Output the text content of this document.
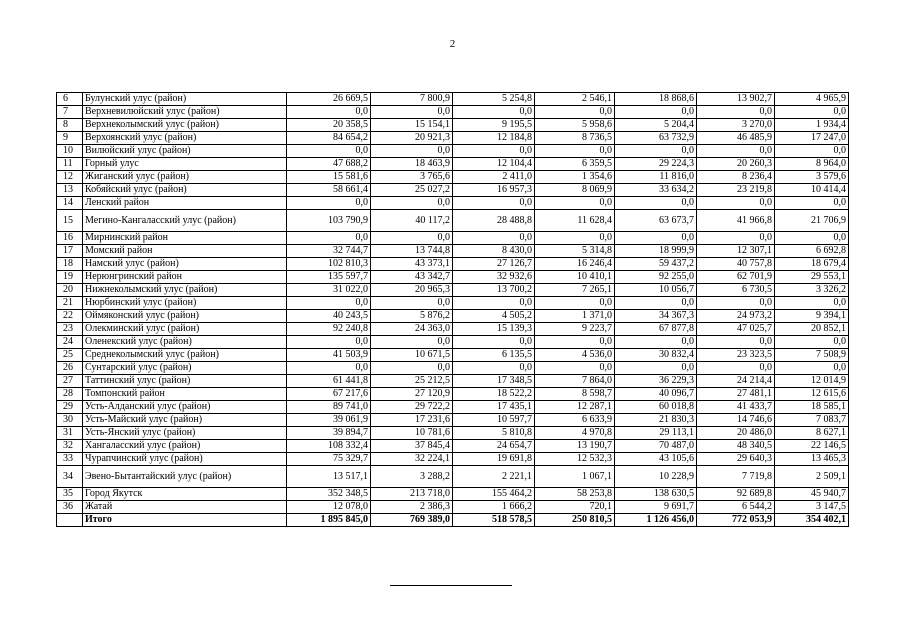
2
6	Булунский улус (район)	26 669,5	7 800,9	5 254,8	2 546,1	18 868,6	13 902,7	4 965,9
7	Верхневилюйский улус (район)	0,0	0,0	0,0	0,0	0,0	0,0	0,0
8	Верхнеколымский улус (район)	20 358,5	15 154,1	9 195,5	5 958,6	5 204,4	3 270,0	1 934,4
9	Верхоянский улус (район)	84 654,2	20 921,3	12 184,8	8 736,5	63 732,9	46 485,9	17 247,0
10	Вилюйский улус (район)	0,0	0,0	0,0	0,0	0,0	0,0	0,0
11	Горный улус	47 688,2	18 463,9	12 104,4	6 359,5	29 224,3	20 260,3	8 964,0
12	Жиганский улус (район)	15 581,6	3 765,6	2 411,0	1 354,6	11 816,0	8 236,4	3 579,6
13	Кобяйский улус (район)	58 661,4	25 027,2	16 957,3	8 069,9	33 634,2	23 219,8	10 414,4
14	Ленский район	0,0	0,0	0,0	0,0	0,0	0,0	0,0
15	Мегино-Кангаласский улус (район)	103 790,9	40 117,2	28 488,8	11 628,4	63 673,7	41 966,8	21 706,9
16	Мирнинский район	0,0	0,0	0,0	0,0	0,0	0,0	0,0
17	Момский район	32 744,7	13 744,8	8 430,0	5 314,8	18 999,9	12 307,1	6 692,8
18	Намский улус (район)	102 810,3	43 373,1	27 126,7	16 246,4	59 437,2	40 757,8	18 679,4
19	Нерюнгринский район	135 597,7	43 342,7	32 932,6	10 410,1	92 255,0	62 701,9	29 553,1
20	Нижнеколымский улус (район)	31 022,0	20 965,3	13 700,2	7 265,1	10 056,7	6 730,5	3 326,2
21	Нюрбинский улус (район)	0,0	0,0	0,0	0,0	0,0	0,0	0,0
22	Оймяконский улус (район)	40 243,5	5 876,2	4 505,2	1 371,0	34 367,3	24 973,2	9 394,1
23	Олекминский улус (район)	92 240,8	24 363,0	15 139,3	9 223,7	67 877,8	47 025,7	20 852,1
24	Оленекский улус (район)	0,0	0,0	0,0	0,0	0,0	0,0	0,0
25	Среднеколымский улус (район)	41 503,9	10 671,5	6 135,5	4 536,0	30 832,4	23 323,5	7 508,9
26	Сунтарский улус (район)	0,0	0,0	0,0	0,0	0,0	0,0	0,0
27	Таттинский улус (район)	61 441,8	25 212,5	17 348,5	7 864,0	36 229,3	24 214,4	12 014,9
28	Томпонский район	67 217,6	27 120,9	18 522,2	8 598,7	40 096,7	27 481,1	12 615,6
29	Усть-Алданский улус (район)	89 741,0	29 722,2	17 435,1	12 287,1	60 018,8	41 433,7	18 585,1
30	Усть-Майский улус (район)	39 061,9	17 231,6	10 597,7	6 633,9	21 830,3	14 746,6	7 083,7
31	Усть-Янский улус (район)	39 894,7	10 781,6	5 810,8	4 970,8	29 113,1	20 486,0	8 627,1
32	Хангаласский улус (район)	108 332,4	37 845,4	24 654,7	13 190,7	70 487,0	48 340,5	22 146,5
33	Чурапчинский улус (район)	75 329,7	32 224,1	19 691,8	12 532,3	43 105,6	29 640,3	13 465,3
34	Эвено-Бытантайский улус (район)	13 517,1	3 288,2	2 221,1	1 067,1	10 228,9	7 719,8	2 509,1
35	Город Якутск	352 348,5	213 718,0	155 464,2	58 253,8	138 630,5	92 689,8	45 940,7
36	Жатай	12 078,0	2 386,3	1 666,2	720,1	9 691,7	6 544,2	3 147,5
	Итого	1 895 845,0	769 389,0	518 578,5	250 810,5	1 126 456,0	772 053,9	354 402,1
